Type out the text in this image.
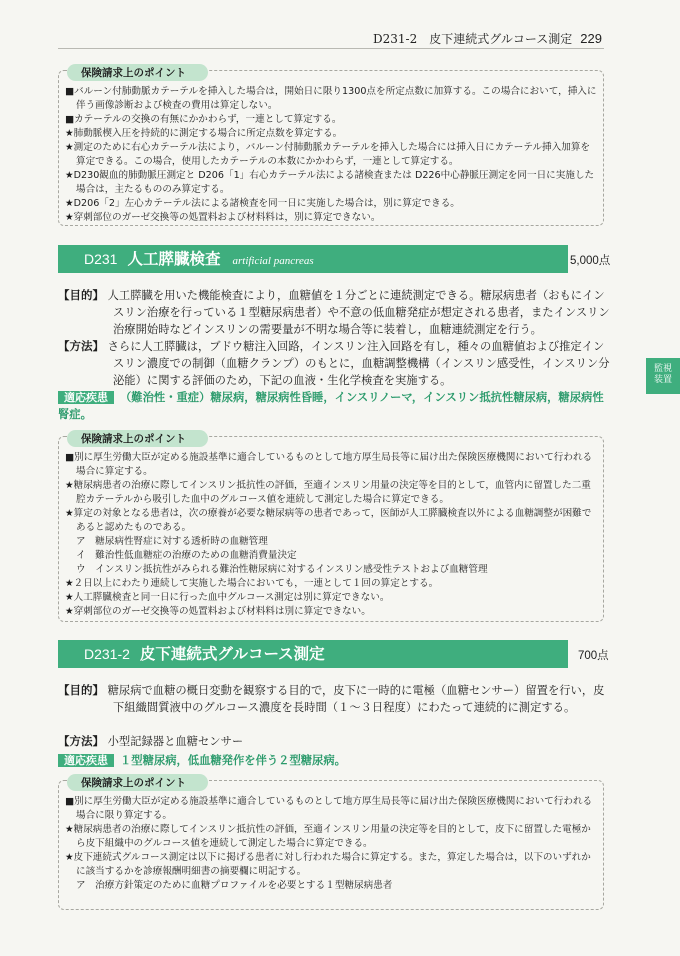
D231-2　皮下連続式グルコース測定 229
監視
装置
保険請求上のポイント
■バルーン付肺動脈カテーテルを挿入した場合は，開始日に限り1300点を所定点数に加算する。この場合において，挿入に伴う画像診断および検査の費用は算定しない。
■カテーテルの交換の有無にかかわらず，一連として算定する。
★肺動脈楔入圧を持続的に測定する場合に所定点数を算定する。
★測定のために右心カテーテル法により，バルーン付肺動脈カテーテルを挿入した場合には挿入日にカテーテル挿入加算を算定できる。この場合，使用したカテーテルの本数にかかわらず，一連として算定する。
★D230観血的肺動脈圧測定と D206「1」右心カテーテル法による諸検査または D226中心静脈圧測定を同一日に実施した場合は，主たるもののみ算定する。
★D206「2」左心カテーテル法による諸検査を同一日に実施した場合は，別に算定できる。
★穿刺部位のガーゼ交換等の処置料および材料料は，別に算定できない。
D231 人工膵臓検査 artificial pancreas	5,000点
【目的】 人工膵臓を用いた機能検査により，血糖値を１分ごとに連続測定できる。糖尿病患者（おもにインスリン治療を行っている１型糖尿病患者）や不意の低血糖発症が想定される患者，またインスリン治療開始時などインスリンの需要量が不明な場合等に装着し，血糖連続測定を行う。
【方法】 さらに人工膵臓は，ブドウ糖注入回路，インスリン注入回路を有し，種々の血糖値および推定インスリン濃度での制御（血糖クランプ）のもとに，血糖調整機構（インスリン感受性，インスリン分泌能）に関する評価のため，下記の血液・生化学検査を実施する。
適応疾患 （難治性・重症）糖尿病，糖尿病性昏睡，インスリノーマ，インスリン抵抗性糖尿病，糖尿病性腎症。
保険請求上のポイント
■別に厚生労働大臣が定める施設基準に適合しているものとして地方厚生局長等に届け出た保険医療機関において行われる場合に算定する。
★糖尿病患者の治療に際してインスリン抵抗性の評価，至適インスリン用量の決定等を目的として，血管内に留置した二重腔カテーテルから吸引した血中のグルコース値を連続して測定した場合に算定できる。
★算定の対象となる患者は，次の療養が必要な糖尿病等の患者であって，医師が人工膵臓検査以外による血糖調整が困難であると認めたものである。
ア　糖尿病性腎症に対する透析時の血糖管理
イ　難治性低血糖症の治療のための血糖消費量決定
ウ　インスリン抵抗性がみられる難治性糖尿病に対するインスリン感受性テストおよび血糖管理
★２日以上にわたり連続して実施した場合においても，一連として１回の算定とする。
★人工膵臓検査と同一日に行った血中グルコース測定は別に算定できない。
★穿刺部位のガーゼ交換等の処置料および材料料は別に算定できない。
D231-2 皮下連続式グルコース測定	700点
【目的】 糖尿病で血糖の概日変動を観察する目的で，皮下に一時的に電極（血糖センサー）留置を行い，皮下組織間質液中のグルコース濃度を長時間（１～３日程度）にわたって連続的に測定する。
【方法】 小型記録器と血糖センサー
適応疾患 １型糖尿病，低血糖発作を伴う２型糖尿病。
保険請求上のポイント
■別に厚生労働大臣が定める施設基準に適合しているものとして地方厚生局長等に届け出た保険医療機関において行われる場合に限り算定する。
★糖尿病患者の治療に際してインスリン抵抗性の評価，至適インスリン用量の決定等を目的として，皮下に留置した電極から皮下組織中のグルコース値を連続して測定した場合に算定できる。
★皮下連続式グルコース測定は以下に掲げる患者に対し行われた場合に算定する。また，算定した場合は，以下のいずれかに該当するかを診療報酬明細書の摘要欄に明記する。
ア　治療方針策定のために血糖プロファイルを必要とする１型糖尿病患者
